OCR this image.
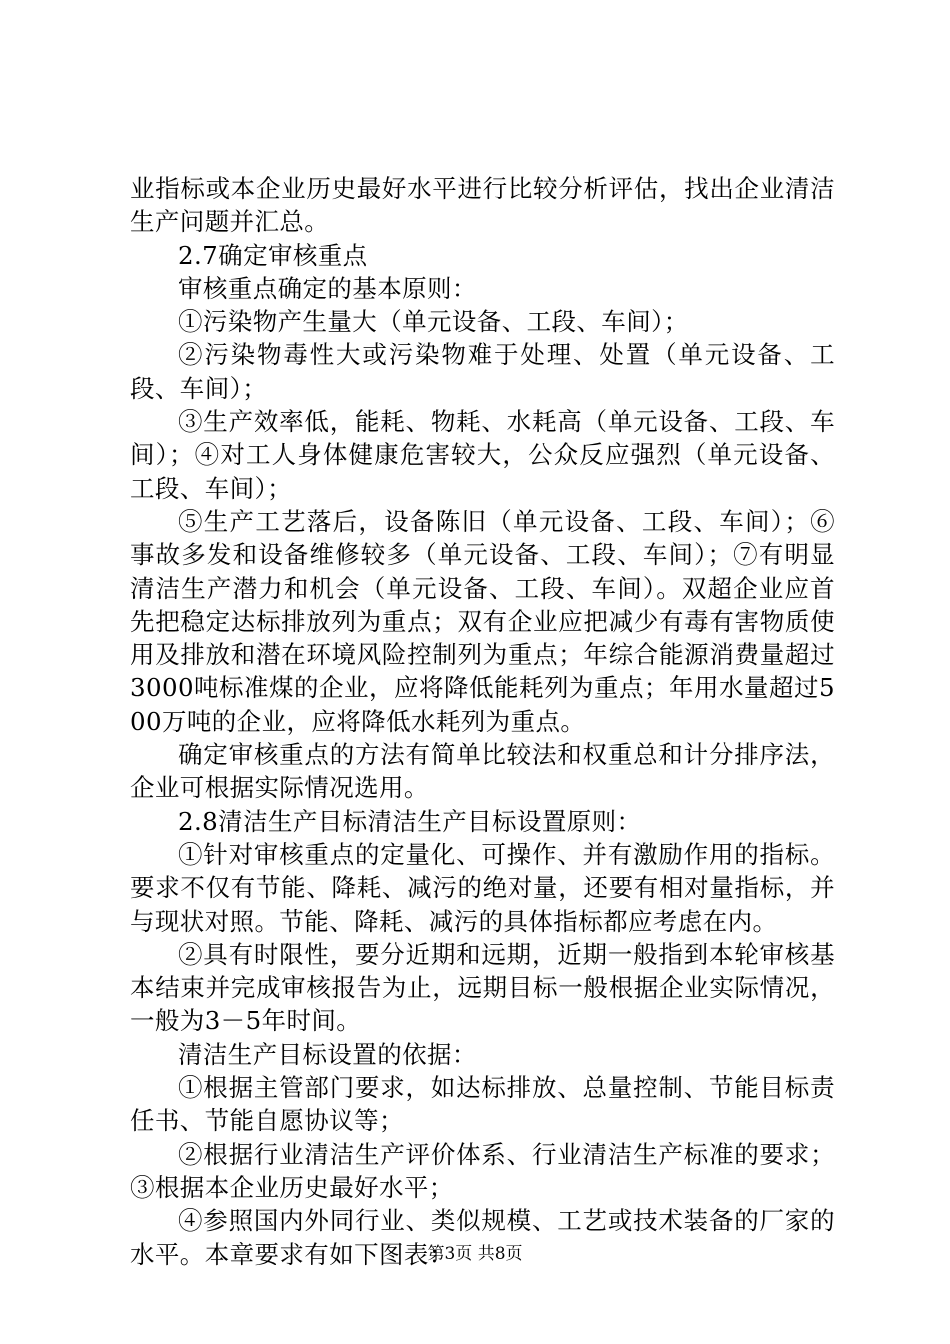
业指标或本企业历史最好水平进行比较分析评估，找出企业清洁生产问题并汇总。

2.7确定审核重点

审核重点确定的基本原则：

①污染物产生量大（单元设备、工段、车间）；

②污染物毒性大或污染物难于处理、处置（单元设备、工段、车间）；

③生产效率低，能耗、物耗、水耗高（单元设备、工段、车间）；④对工人身体健康危害较大，公众反应强烈（单元设备、工段、车间）；

⑤生产工艺落后，设备陈旧（单元设备、工段、车间）；⑥事故多发和设备维修较多（单元设备、工段、车间）；⑦有明显清洁生产潜力和机会（单元设备、工段、车间）。双超企业应首先把稳定达标排放列为重点；双有企业应把减少有毒有害物质使用及排放和潜在环境风险控制列为重点；年综合能源消费量超过3000吨标准煤的企业，应将降低能耗列为重点；年用水量超过500万吨的企业，应将降低水耗列为重点。

确定审核重点的方法有简单比较法和权重总和计分排序法，企业可根据实际情况选用。

2.8清洁生产目标清洁生产目标设置原则：

①针对审核重点的定量化、可操作、并有激励作用的指标。要求不仅有节能、降耗、减污的绝对量，还要有相对量指标，并与现状对照。节能、降耗、减污的具体指标都应考虑在内。

②具有时限性，要分近期和远期，近期一般指到本轮审核基本结束并完成审核报告为止，远期目标一般根据企业实际情况，一般为3－5年时间。

清洁生产目标设置的依据：

①根据主管部门要求，如达标排放、总量控制、节能目标责任书、节能自愿协议等；

②根据行业清洁生产评价体系、行业清洁生产标准的要求；③根据本企业历史最好水平；

④参照国内外同行业、类似规模、工艺或技术装备的厂家的水平。本章要求有如下图表：

第3页 共8页
